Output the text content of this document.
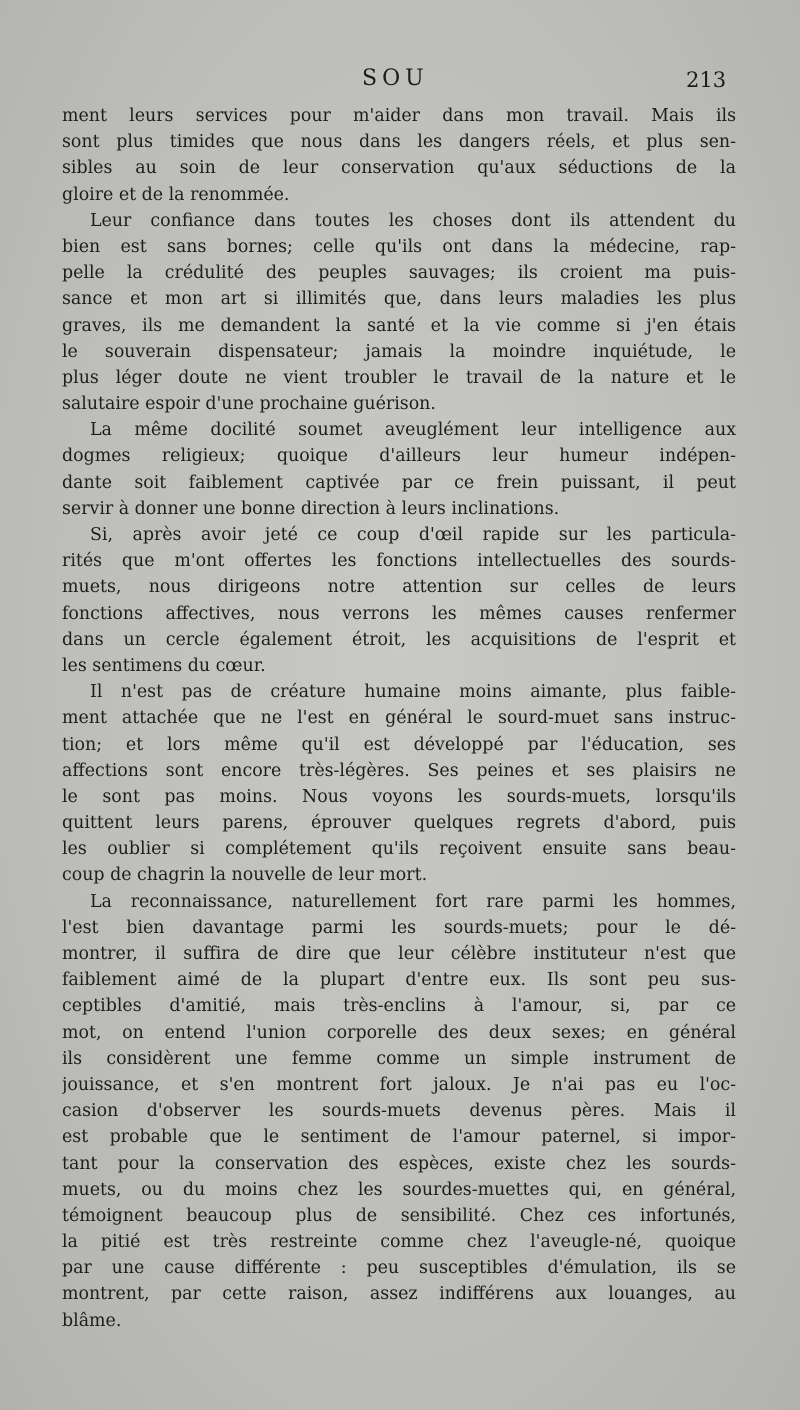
SOU	213
ment leurs services pour m'aider dans mon travail. Mais ils
sont plus timides que nous dans les dangers réels, et plus sen-
sibles au soin de leur conservation qu'aux séductions de la
gloire et de la renommée.
Leur confiance dans toutes les choses dont ils attendent du
bien est sans bornes; celle qu'ils ont dans la médecine, rap-
pelle la crédulité des peuples sauvages; ils croient ma puis-
sance et mon art si illimités que, dans leurs maladies les plus
graves, ils me demandent la santé et la vie comme si j'en étais
le souverain dispensateur; jamais la moindre inquiétude, le
plus léger doute ne vient troubler le travail de la nature et le
salutaire espoir d'une prochaine guérison.
La même docilité soumet aveuglément leur intelligence aux
dogmes religieux; quoique d'ailleurs leur humeur indépen-
dante soit faiblement captivée par ce frein puissant, il peut
servir à donner une bonne direction à leurs inclinations.
Si, après avoir jeté ce coup d'œil rapide sur les particula-
rités que m'ont offertes les fonctions intellectuelles des sourds-
muets, nous dirigeons notre attention sur celles de leurs
fonctions affectives, nous verrons les mêmes causes renfermer
dans un cercle également étroit, les acquisitions de l'esprit et
les sentimens du cœur.
Il n'est pas de créature humaine moins aimante, plus faible-
ment attachée que ne l'est en général le sourd-muet sans instruc-
tion; et lors même qu'il est développé par l'éducation, ses
affections sont encore très-légères. Ses peines et ses plaisirs ne
le sont pas moins. Nous voyons les sourds-muets, lorsqu'ils
quittent leurs parens, éprouver quelques regrets d'abord, puis
les oublier si complétement qu'ils reçoivent ensuite sans beau-
coup de chagrin la nouvelle de leur mort.
La reconnaissance, naturellement fort rare parmi les hommes,
l'est bien davantage parmi les sourds-muets; pour le dé-
montrer, il suffira de dire que leur célèbre instituteur n'est que
faiblement aimé de la plupart d'entre eux. Ils sont peu sus-
ceptibles d'amitié, mais très-enclins à l'amour, si, par ce
mot, on entend l'union corporelle des deux sexes; en général
ils considèrent une femme comme un simple instrument de
jouissance, et s'en montrent fort jaloux. Je n'ai pas eu l'oc-
casion d'observer les sourds-muets devenus pères. Mais il
est probable que le sentiment de l'amour paternel, si impor-
tant pour la conservation des espèces, existe chez les sourds-
muets, ou du moins chez les sourdes-muettes qui, en général,
témoignent beaucoup plus de sensibilité. Chez ces infortunés,
la pitié est très restreinte comme chez l'aveugle-né, quoique
par une cause différente : peu susceptibles d'émulation, ils se
montrent, par cette raison, assez indifférens aux louanges, au
blâme.
